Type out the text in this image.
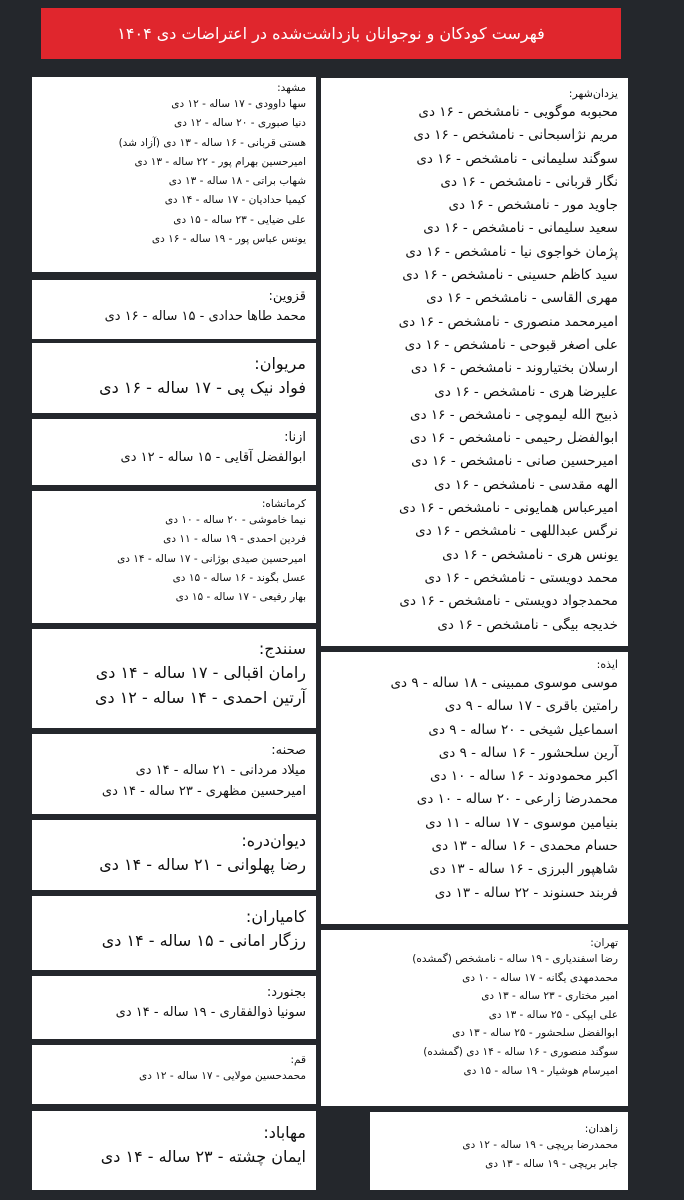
فهرست کودکان و نوجوانان بازداشت‌شده در اعتراضات دی ۱۴۰۴
یزدان‌شهر:
محبوبه موگویی - نامشخص - ۱۶ دی
مریم نژاسبحانی - نامشخص - ۱۶ دی
سوگند سلیمانی - نامشخص - ۱۶ دی
نگار قربانی - نامشخص - ۱۶ دی
جاوید مور - نامشخص - ۱۶ دی
سعید سلیمانی - نامشخص - ۱۶ دی
پژمان خواجوی نیا - نامشخص - ۱۶ دی
سید کاظم حسینی - نامشخص - ۱۶ دی
مهری القاسی - نامشخص - ۱۶ دی
امیرمحمد منصوری - نامشخص - ۱۶ دی
علی اصغر قبوحی - نامشخص - ۱۶ دی
ارسلان بختیاروند - نامشخص - ۱۶ دی
علیرضا هری - نامشخص - ۱۶ دی
ذبیح الله لیموچی - نامشخص - ۱۶ دی
ابوالفضل رحیمی - نامشخص - ۱۶ دی
امیرحسین صانی - نامشخص - ۱۶ دی
الهه مقدسی - نامشخص - ۱۶ دی
امیرعباس همایونی - نامشخص - ۱۶ دی
نرگس عبداللهی - نامشخص - ۱۶ دی
یونس هری - نامشخص - ۱۶ دی
محمد دویستی - نامشخص - ۱۶ دی
محمدجواد دویستی - نامشخص - ۱۶ دی
خدیجه بیگی - نامشخص - ۱۶ دی
ایذه:
موسی موسوی ممبینی - ۱۸ ساله - ۹ دی
رامتین باقری - ۱۷ ساله - ۹ دی
اسماعیل شیخی - ۲۰ ساله - ۹ دی
آرین سلحشور - ۱۶ ساله - ۹ دی
اکبر محمودوند - ۱۶ ساله - ۱۰ دی
محمدرضا زارعی - ۲۰ ساله - ۱۰ دی
بنیامین موسوی - ۱۷ ساله - ۱۱ دی
حسام محمدی - ۱۶ ساله - ۱۳ دی
شاهپور البرزی - ۱۶ ساله - ۱۳ دی
فربند حسنوند - ۲۲ ساله - ۱۳ دی
تهران:
رضا اسفندیاری - ۱۹ ساله - نامشخص (گمشده)
محمدمهدی یگانه - ۱۷ ساله - ۱۰ دی
امیر مختاری - ۲۳ ساله - ۱۳ دی
علی ایپکی - ۲۵ ساله - ۱۳ دی
ابوالفضل سلحشور - ۲۵ ساله - ۱۳ دی
سوگند منصوری - ۱۶ ساله - ۱۴ دی (گمشده)
امیرسام هوشیار - ۱۹ ساله - ۱۵ دی
زاهدان:
محمدرضا بریچی - ۱۹ ساله - ۱۲ دی
جابر بریچی - ۱۹ ساله - ۱۳ دی
مشهد:
سها داوودی - ۱۷ ساله - ۱۲ دی
دنیا صبوری - ۲۰ ساله - ۱۲ دی
هستی قربانی - ۱۶ ساله - ۱۳ دی (آزاد شد)
امیرحسین بهرام پور - ۲۲ ساله - ۱۳ دی
شهاب براتی - ۱۸ ساله - ۱۳ دی
کیمیا حدادیان - ۱۷ ساله - ۱۴ دی
علی ضیایی - ۲۳ ساله - ۱۵ دی
یونس عباس پور - ۱۹ ساله - ۱۶ دی
قزوین:
محمد طاها حدادی - ۱۵ ساله - ۱۶ دی
مریوان:
فواد نیک پی - ۱۷ ساله - ۱۶ دی
ازنا:
ابوالفضل آقایی - ۱۵ ساله - ۱۲ دی
کرمانشاه:
نیما خاموشی - ۲۰ ساله - ۱۰ دی
فردین احمدی - ۱۹ ساله - ۱۱ دی
امیرحسین صیدی بوژانی - ۱۷ ساله - ۱۴ دی
عسل بگوند - ۱۶ ساله - ۱۵ دی
بهار رفیعی - ۱۷ ساله - ۱۵ دی
سنندج:
رامان اقبالی - ۱۷ ساله - ۱۴ دی
آرتین احمدی - ۱۴ ساله - ۱۲ دی
صحنه:
میلاد مردانی - ۲۱ ساله - ۱۴ دی
امیرحسین مظهری - ۲۳ ساله - ۱۴ دی
دیوان‌دره:
رضا پهلوانی - ۲۱ ساله - ۱۴ دی
کامیاران:
رزگار امانی - ۱۵ ساله - ۱۴ دی
بجنورد:
سونیا ذوالفقاری - ۱۹ ساله - ۱۴ دی
قم:
محمدحسین مولایی - ۱۷ ساله - ۱۲ دی
مهاباد:
ایمان چشته - ۲۳ ساله - ۱۴ دی
